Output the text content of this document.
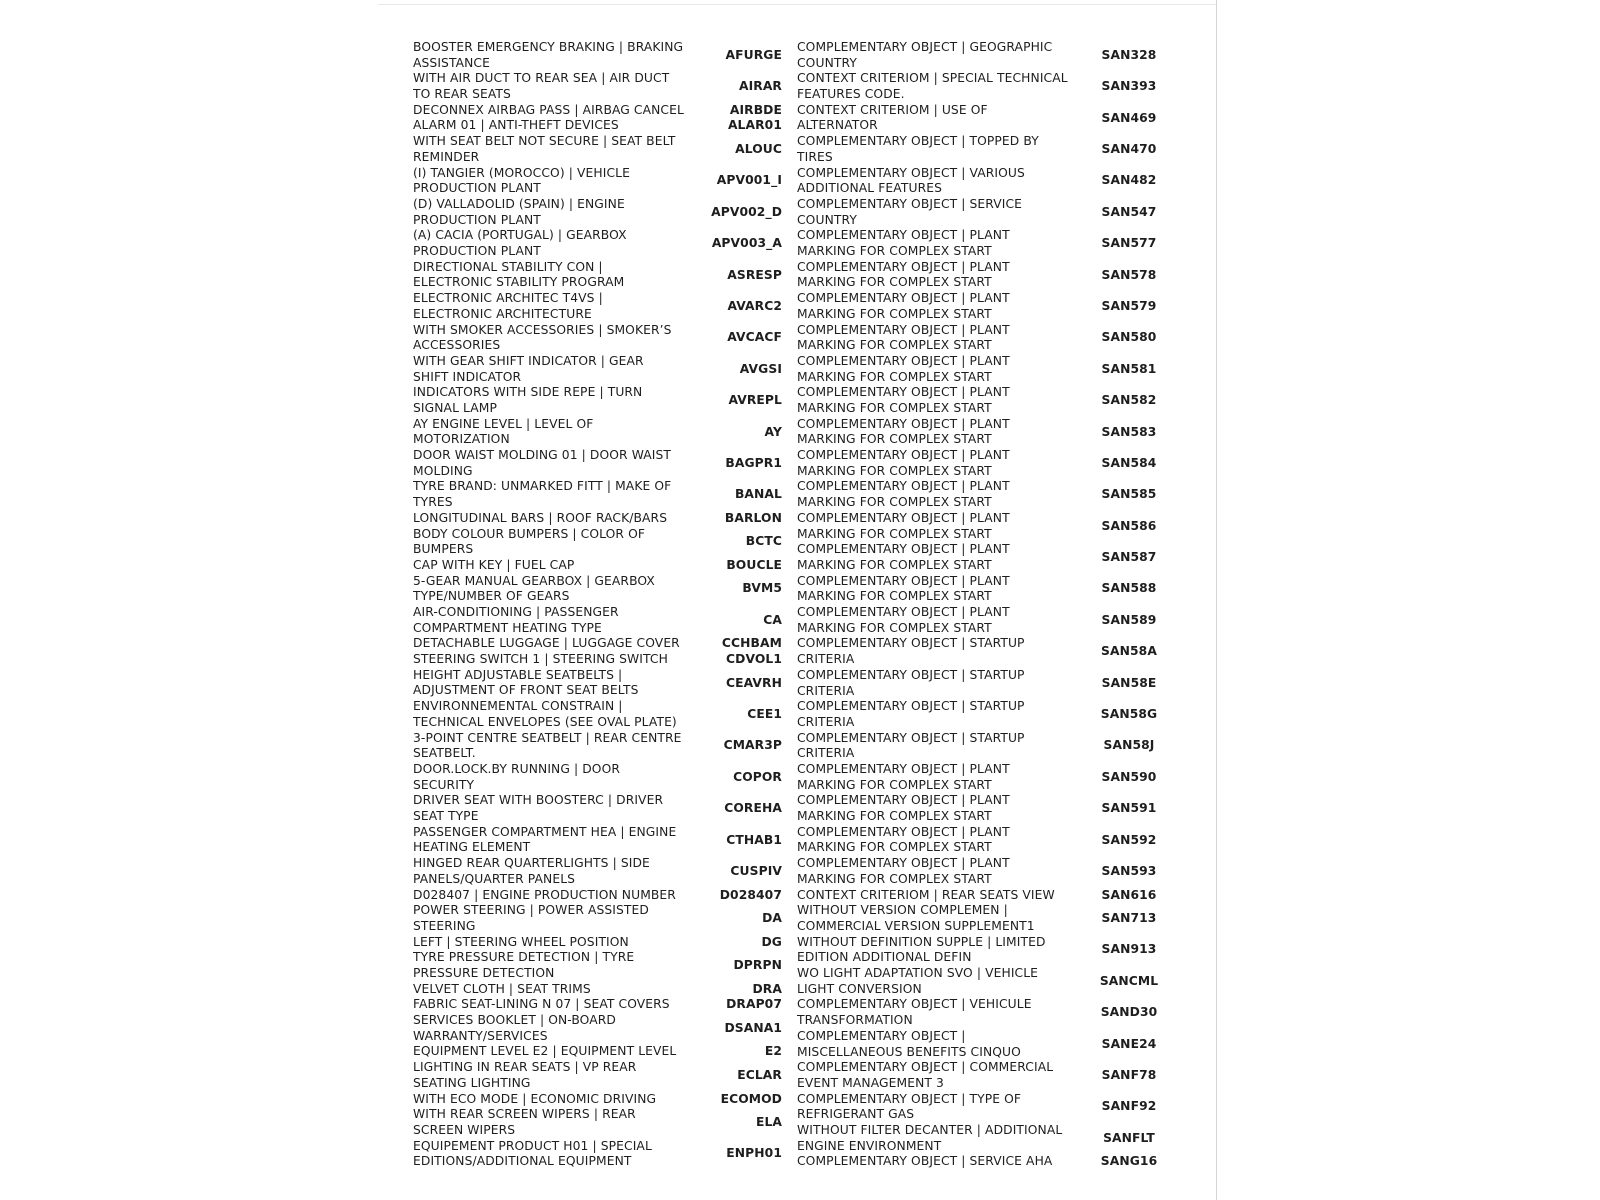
BOOSTER EMERGENCY BRAKING | BRAKING
ASSISTANCE
WITH AIR DUCT TO REAR SEA | AIR DUCT
TO REAR SEATS
DECONNEX AIRBAG PASS | AIRBAG CANCEL
ALARM 01 | ANTI-THEFT DEVICES
WITH SEAT BELT NOT SECURE | SEAT BELT
REMINDER
(I) TANGIER (MOROCCO) | VEHICLE
PRODUCTION PLANT
(D) VALLADOLID (SPAIN) | ENGINE
PRODUCTION PLANT
(A) CACIA (PORTUGAL) | GEARBOX
PRODUCTION PLANT
DIRECTIONAL STABILITY CON |
ELECTRONIC STABILITY PROGRAM
ELECTRONIC ARCHITEC T4VS |
ELECTRONIC ARCHITECTURE
WITH SMOKER ACCESSORIES | SMOKER’S
ACCESSORIES
WITH GEAR SHIFT INDICATOR | GEAR
SHIFT INDICATOR
INDICATORS WITH SIDE REPE | TURN
SIGNAL LAMP
AY ENGINE LEVEL | LEVEL OF
MOTORIZATION
DOOR WAIST MOLDING 01 | DOOR WAIST
MOLDING
TYRE BRAND: UNMARKED FITT | MAKE OF
TYRES
LONGITUDINAL BARS | ROOF RACK/BARS
BODY COLOUR BUMPERS | COLOR OF
BUMPERS
CAP WITH KEY | FUEL CAP
5-GEAR MANUAL GEARBOX | GEARBOX
TYPE/NUMBER OF GEARS
AIR-CONDITIONING | PASSENGER
COMPARTMENT HEATING TYPE
DETACHABLE LUGGAGE | LUGGAGE COVER
STEERING SWITCH 1 | STEERING SWITCH
HEIGHT ADJUSTABLE SEATBELTS |
ADJUSTMENT OF FRONT SEAT BELTS
ENVIRONNEMENTAL CONSTRAIN |
TECHNICAL ENVELOPES (SEE OVAL PLATE)
3-POINT CENTRE SEATBELT | REAR CENTRE
SEATBELT.
DOOR.LOCK.BY RUNNING | DOOR
SECURITY
DRIVER SEAT WITH BOOSTERC | DRIVER
SEAT TYPE
PASSENGER COMPARTMENT HEA | ENGINE
HEATING ELEMENT
HINGED REAR QUARTERLIGHTS | SIDE
PANELS/QUARTER PANELS
D028407 | ENGINE PRODUCTION NUMBER
POWER STEERING | POWER ASSISTED
STEERING
LEFT | STEERING WHEEL POSITION
TYRE PRESSURE DETECTION | TYRE
PRESSURE DETECTION
VELVET CLOTH | SEAT TRIMS
FABRIC SEAT-LINING N 07 | SEAT COVERS
SERVICES BOOKLET | ON-BOARD
WARRANTY/SERVICES
EQUIPMENT LEVEL E2 | EQUIPMENT LEVEL
LIGHTING IN REAR SEATS | VP REAR
SEATING LIGHTING
WITH ECO MODE | ECONOMIC DRIVING
WITH REAR SCREEN WIPERS | REAR
SCREEN WIPERS
EQUIPEMENT PRODUCT H01 | SPECIAL
EDITIONS/ADDITIONAL EQUIPMENT
AFURGE
AIRAR
AIRBDE
ALAR01
ALOUC
APV001_I
APV002_D
APV003_A
ASRESP
AVARC2
AVCACF
AVGSI
AVREPL
AY
BAGPR1
BANAL
BARLON
BCTC
BOUCLE
BVM5
CA
CCHBAM
CDVOL1
CEAVRH
CEE1
CMAR3P
COPOR
COREHA
CTHAB1
CUSPIV
D028407
DA
DG
DPRPN
DRA
DRAP07
DSANA1
E2
ECLAR
ECOMOD
ELA
ENPH01
COMPLEMENTARY OBJECT | GEOGRAPHIC
COUNTRY
CONTEXT CRITERIOM | SPECIAL TECHNICAL
FEATURES CODE.
CONTEXT CRITERIOM | USE OF
ALTERNATOR
COMPLEMENTARY OBJECT | TOPPED BY
TIRES
COMPLEMENTARY OBJECT | VARIOUS
ADDITIONAL FEATURES
COMPLEMENTARY OBJECT | SERVICE
COUNTRY
COMPLEMENTARY OBJECT | PLANT
MARKING FOR COMPLEX START
COMPLEMENTARY OBJECT | PLANT
MARKING FOR COMPLEX START
COMPLEMENTARY OBJECT | PLANT
MARKING FOR COMPLEX START
COMPLEMENTARY OBJECT | PLANT
MARKING FOR COMPLEX START
COMPLEMENTARY OBJECT | PLANT
MARKING FOR COMPLEX START
COMPLEMENTARY OBJECT | PLANT
MARKING FOR COMPLEX START
COMPLEMENTARY OBJECT | PLANT
MARKING FOR COMPLEX START
COMPLEMENTARY OBJECT | PLANT
MARKING FOR COMPLEX START
COMPLEMENTARY OBJECT | PLANT
MARKING FOR COMPLEX START
COMPLEMENTARY OBJECT | PLANT
MARKING FOR COMPLEX START
COMPLEMENTARY OBJECT | PLANT
MARKING FOR COMPLEX START
COMPLEMENTARY OBJECT | PLANT
MARKING FOR COMPLEX START
COMPLEMENTARY OBJECT | PLANT
MARKING FOR COMPLEX START
COMPLEMENTARY OBJECT | STARTUP
CRITERIA
COMPLEMENTARY OBJECT | STARTUP
CRITERIA
COMPLEMENTARY OBJECT | STARTUP
CRITERIA
COMPLEMENTARY OBJECT | STARTUP
CRITERIA
COMPLEMENTARY OBJECT | PLANT
MARKING FOR COMPLEX START
COMPLEMENTARY OBJECT | PLANT
MARKING FOR COMPLEX START
COMPLEMENTARY OBJECT | PLANT
MARKING FOR COMPLEX START
COMPLEMENTARY OBJECT | PLANT
MARKING FOR COMPLEX START
CONTEXT CRITERIOM | REAR SEATS VIEW
WITHOUT VERSION COMPLEMEN |
COMMERCIAL VERSION SUPPLEMENT1
WITHOUT DEFINITION SUPPLE | LIMITED
EDITION ADDITIONAL DEFIN
WO LIGHT ADAPTATION SVO | VEHICLE
LIGHT CONVERSION
COMPLEMENTARY OBJECT | VEHICULE
TRANSFORMATION
COMPLEMENTARY OBJECT |
MISCELLANEOUS BENEFITS CINQUO
COMPLEMENTARY OBJECT | COMMERCIAL
EVENT MANAGEMENT 3
COMPLEMENTARY OBJECT | TYPE OF
REFRIGERANT GAS
WITHOUT FILTER DECANTER | ADDITIONAL
ENGINE ENVIRONMENT
COMPLEMENTARY OBJECT | SERVICE AHA
SAN328
SAN393
SAN469
SAN470
SAN482
SAN547
SAN577
SAN578
SAN579
SAN580
SAN581
SAN582
SAN583
SAN584
SAN585
SAN586
SAN587
SAN588
SAN589
SAN58A
SAN58E
SAN58G
SAN58J
SAN590
SAN591
SAN592
SAN593
SAN616
SAN713
SAN913
SANCML
SAND30
SANE24
SANF78
SANF92
SANFLT
SANG16
